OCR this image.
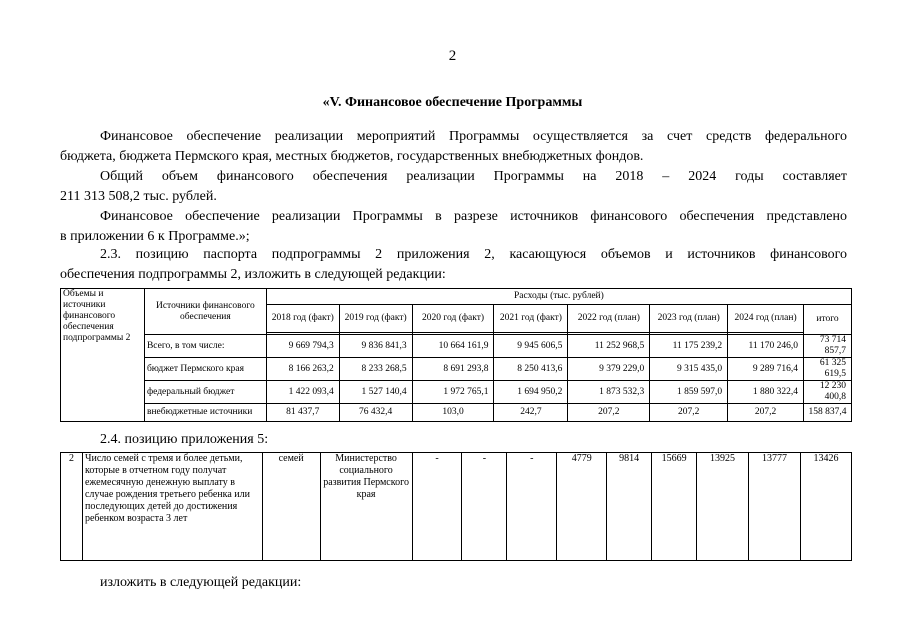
2
«V. Финансовое обеспечение Программы
Финансовое обеспечение реализации мероприятий Программы осуществляется за счет средств федерального
бюджета, бюджета Пермского края, местных бюджетов, государственных внебюджетных фондов.
Общий объем финансового обеспечения реализации Программы на 2018 – 2024 годы составляет
211 313 508,2 тыс. рублей.
Финансовое обеспечение реализации Программы в разрезе источников финансового обеспечения представлено
в приложении 6 к Программе.»;
2.3. позицию паспорта подпрограммы 2 приложения 2, касающуюся объемов и источников финансового
обеспечения подпрограммы 2, изложить в следующей редакции:
Объемы и источники финансового обеспечения подпрограммы 2	Источники финансового обеспечения	Расходы (тыс. рублей)							
		2018 год (факт)	2019 год (факт)	2020 год (факт)	2021 год (факт)	2022 год (план)	2023 год (план)	2024 год (план)	итого

	Всего, в том числе:	9 669 794,3	9 836 841,3	10 664 161,9	9 945 606,5	11 252 968,5	11 175 239,2	11 170 246,0	73 714 857,7
	бюджет Пермского края	8 166 263,2	8 233 268,5	8 691 293,8	8 250 413,6	9 379 229,0	9 315 435,0	9 289 716,4	61 325 619,5
	федеральный бюджет	1 422 093,4	1 527 140,4	1 972 765,1	1 694 950,2	1 873 532,3	1 859 597,0	1 880 322,4	12 230 400,8
	внебюджетные источники	81 437,7	76 432,4	103,0	242,7	207,2	207,2	207,2	158 837,4
2.4. позицию приложения 5:
2	Число семей с тремя и более детьми, которые в отчетном году получат ежемесячную денежную выплату в случае рождения третьего ребенка или последующих детей до достижения ребенком возраста 3 лет	семей	Министерство социального развития Пермского края	-	-	-	4779	9814	15669	13925	13777	13426
изложить в следующей редакции:
